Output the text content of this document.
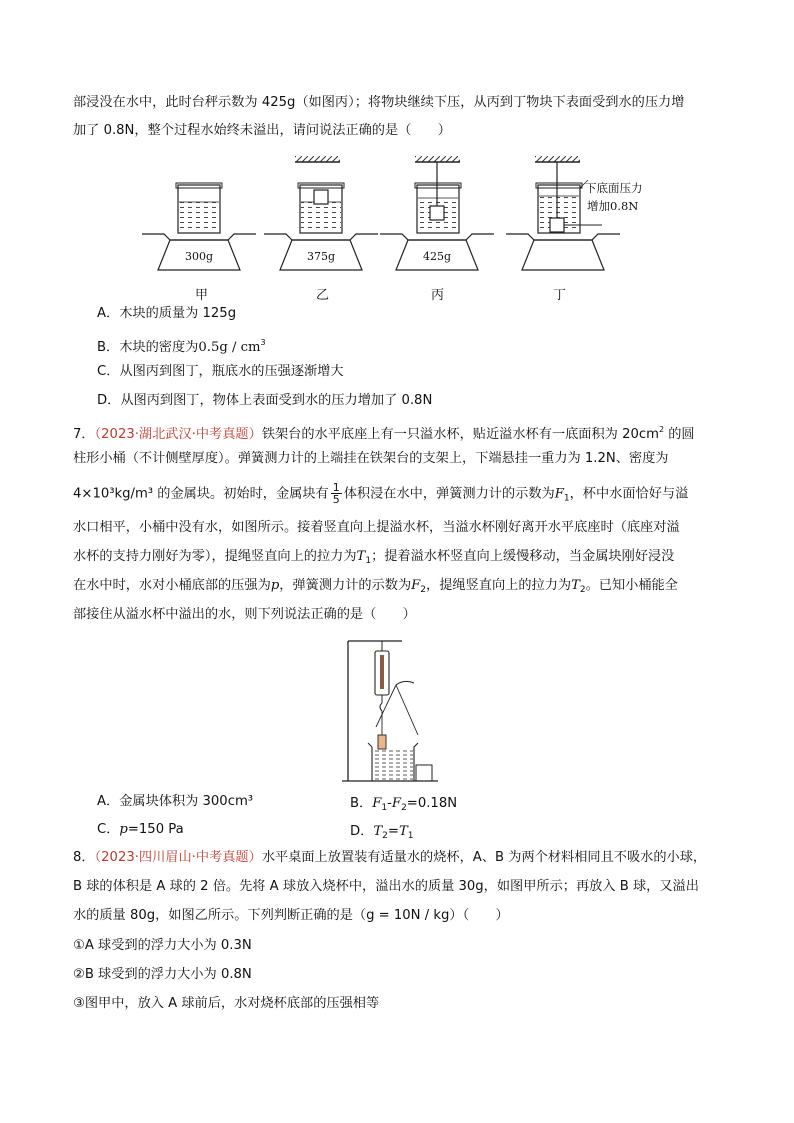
部浸没在水中，此时台秤示数为 425g（如图丙）；将物块继续下压，从丙到丁物块下表面受到水的压力增
加了 0.8N，整个过程水始终未溢出，请问说法正确的是（　　）
300g	375g	425g
下底面压力
增加0.8N
甲	乙	丙	丁
A．木块的质量为 125g
B．木块的密度为$0.5g / cm^3$
C．从图丙到图丁，瓶底水的压强逐渐增大
D．从图丙到图丁，物体上表面受到水的压力增加了 0.8N
7．（2023·湖北武汉·中考真题）铁架台的水平底座上有一只溢水杯，贴近溢水杯有一底面积为 $20cm^2$ 的圆
柱形小桶（不计侧壁厚度）。弹簧测力计的上端挂在铁架台的支架上，下端悬挂一重力为 1.2N、密度为
4×10³kg/m³ 的金属块。初始时，金属块有 $\frac{1}{5}$ 体积浸在水中，弹簧测力计的示数为$F_1$，杯中水面恰好与溢
水口相平，小桶中没有水，如图所示。接着竖直向上提溢水杯，当溢水杯刚好离开水平底座时（底座对溢
水杯的支持力刚好为零），提绳竖直向上的拉力为$T_1$；提着溢水杯竖直向上缓慢移动，当金属块刚好浸没
在水中时，水对小桶底部的压强为p，弹簧测力计的示数为$F_2$，提绳竖直向上的拉力为$T_2$。已知小桶能全
部接住从溢水杯中溢出的水，则下列说法正确的是（　　）
A．金属块体积为 300cm³	B．$F_1-F_2=0.18N$
C．p=150 Pa	D．$T_2=T_1$
8．（2023·四川眉山·中考真题）水平桌面上放置装有适量水的烧杯，A、B 为两个材料相同且不吸水的小球，
B 球的体积是 A 球的 2 倍。先将 A 球放入烧杯中，溢出水的质量 30g，如图甲所示；再放入 B 球，又溢出
水的质量 80g，如图乙所示。下列判断正确的是（g = 10N / kg）（　　）
①A 球受到的浮力大小为 0.3N
②B 球受到的浮力大小为 0.8N
③图甲中，放入 A 球前后，水对烧杯底部的压强相等
